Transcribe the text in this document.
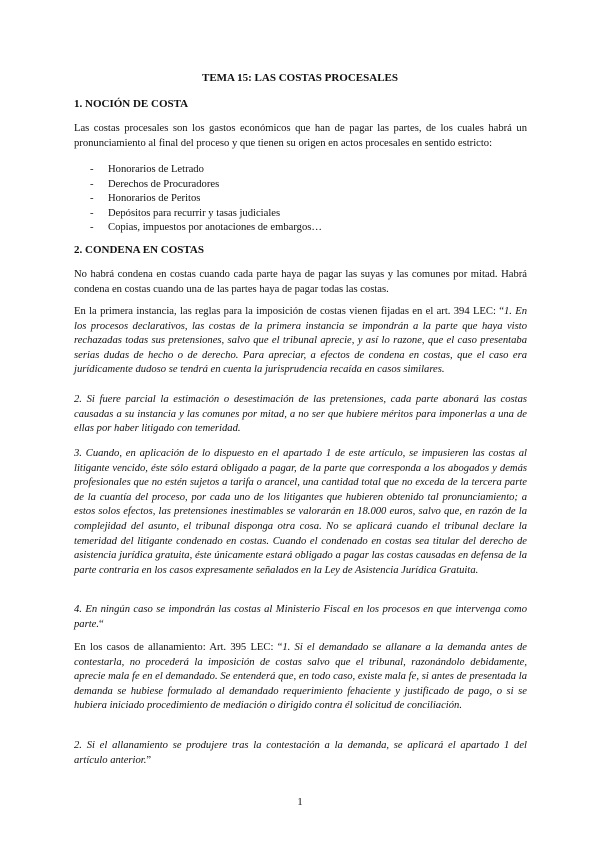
TEMA 15: LAS COSTAS PROCESALES
1. NOCIÓN DE COSTA
Las costas procesales son los gastos económicos que han de pagar las partes, de los cuales habrá un pronunciamiento al final del proceso y que tienen su origen en actos procesales en sentido estricto:
- Honorarios de Letrado
- Derechos de Procuradores
- Honorarios de Peritos
- Depósitos para recurrir y tasas judiciales
- Copias, impuestos por anotaciones de embargos…
2. CONDENA EN COSTAS
No habrá condena en costas cuando cada parte haya de pagar las suyas y las comunes por mitad. Habrá condena en costas cuando una de las partes haya de pagar todas las costas.
En la primera instancia, las reglas para la imposición de costas vienen fijadas en el art. 394 LEC: “1. En los procesos declarativos, las costas de la primera instancia se impondrán a la parte que haya visto rechazadas todas sus pretensiones, salvo que el tribunal aprecie, y así lo razone, que el caso presentaba serias dudas de hecho o de derecho. Para apreciar, a efectos de condena en costas, que el caso era jurídicamente dudoso se tendrá en cuenta la jurisprudencia recaída en casos similares.
2. Si fuere parcial la estimación o desestimación de las pretensiones, cada parte abonará las costas causadas a su instancia y las comunes por mitad, a no ser que hubiere méritos para imponerlas a una de ellas por haber litigado con temeridad.
3. Cuando, en aplicación de lo dispuesto en el apartado 1 de este artículo, se impusieren las costas al litigante vencido, éste sólo estará obligado a pagar, de la parte que corresponda a los abogados y demás profesionales que no estén sujetos a tarifa o arancel, una cantidad total que no exceda de la tercera parte de la cuantía del proceso, por cada uno de los litigantes que hubieren obtenido tal pronunciamiento; a estos solos efectos, las pretensiones inestimables se valorarán en 18.000 euros, salvo que, en razón de la complejidad del asunto, el tribunal disponga otra cosa. No se aplicará cuando el tribunal declare la temeridad del litigante condenado en costas. Cuando el condenado en costas sea titular del derecho de asistencia jurídica gratuita, éste únicamente estará obligado a pagar las costas causadas en defensa de la parte contraria en los casos expresamente señalados en la Ley de Asistencia Jurídica Gratuita.
4. En ningún caso se impondrán las costas al Ministerio Fiscal en los procesos en que intervenga como parte.“
En los casos de allanamiento: Art. 395 LEC: “1. Si el demandado se allanare a la demanda antes de contestarla, no procederá la imposición de costas salvo que el tribunal, razonándolo debidamente, aprecie mala fe en el demandado. Se entenderá que, en todo caso, existe mala fe, si antes de presentada la demanda se hubiese formulado al demandado requerimiento fehaciente y justificado de pago, o si se hubiera iniciado procedimiento de mediación o dirigido contra él solicitud de conciliación.
2. Si el allanamiento se produjere tras la contestación a la demanda, se aplicará el apartado 1 del artículo anterior.”
1
